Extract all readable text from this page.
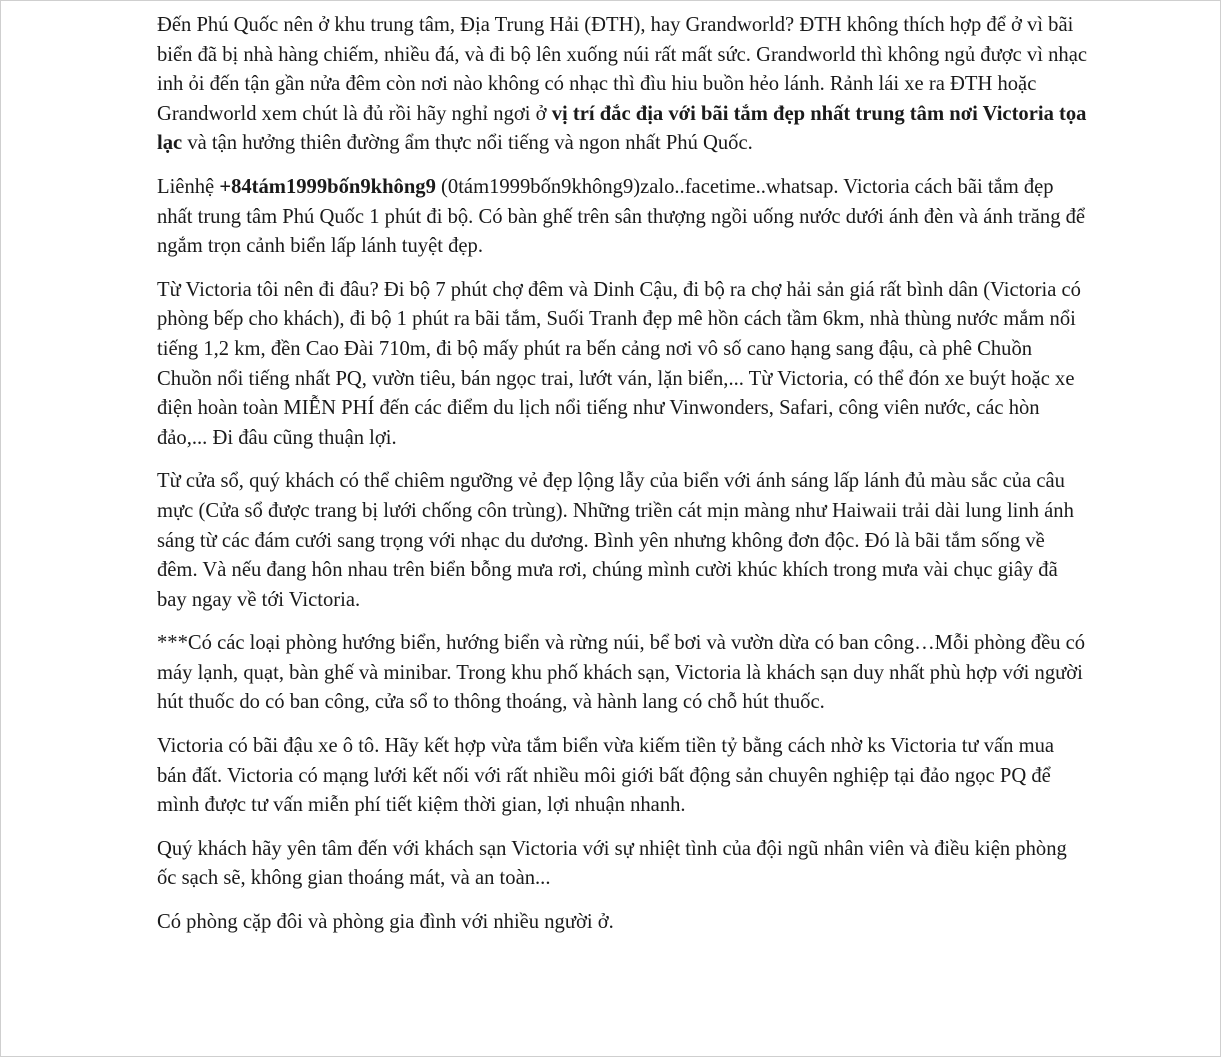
Đến Phú Quốc nên ở khu trung tâm, Địa Trung Hải (ĐTH), hay Grandworld? ĐTH không thích hợp để ở vì bãi biển đã bị nhà hàng chiếm, nhiều đá, và đi bộ lên xuống núi rất mất sức. Grandworld thì không ngủ được vì nhạc inh ỏi đến tận gần nửa đêm còn nơi nào không có nhạc thì đìu hiu buồn hẻo lánh. Rảnh lái xe ra ĐTH hoặc Grandworld xem chút là đủ rồi hãy nghỉ ngơi ở vị trí đắc địa với bãi tắm đẹp nhất trung tâm nơi Victoria tọa lạc và tận hưởng thiên đường ẩm thực nổi tiếng và ngon nhất Phú Quốc.

Liênhệ +84tám1999bốn9không9 (0tám1999bốn9không9)zalo..facetime..whatsap. Victoria cách bãi tắm đẹp nhất trung tâm Phú Quốc 1 phút đi bộ. Có bàn ghế trên sân thượng ngồi uống nước dưới ánh đèn và ánh trăng để ngắm trọn cảnh biển lấp lánh tuyệt đẹp.

Từ Victoria tôi nên đi đâu? Đi bộ 7 phút chợ đêm và Dinh Cậu, đi bộ ra chợ hải sản giá rất bình dân (Victoria có phòng bếp cho khách), đi bộ 1 phút ra bãi tắm, Suối Tranh đẹp mê hồn cách tầm 6km, nhà thùng nước mắm nổi tiếng 1,2 km, đền Cao Đài 710m, đi bộ mấy phút ra bến cảng nơi vô số cano hạng sang đậu, cà phê Chuồn Chuồn nổi tiếng nhất PQ, vườn tiêu, bán ngọc trai, lướt ván, lặn biển,... Từ Victoria, có thể đón xe buýt hoặc xe điện hoàn toàn MIỄN PHÍ đến các điểm du lịch nổi tiếng như Vinwonders, Safari, công viên nước, các hòn đảo,... Đi đâu cũng thuận lợi.

Từ cửa sổ, quý khách có thể chiêm ngưỡng vẻ đẹp lộng lẫy của biển với ánh sáng lấp lánh đủ màu sắc của câu mực (Cửa sổ được trang bị lưới chống côn trùng). Những triền cát mịn màng như Haiwaii trải dài lung linh ánh sáng từ các đám cưới sang trọng với nhạc du dương. Bình yên nhưng không đơn độc. Đó là bãi tắm sống về đêm. Và nếu đang hôn nhau trên biển bỗng mưa rơi, chúng mình cười khúc khích trong mưa vài chục giây đã bay ngay về tới Victoria.

***Có các loại phòng hướng biển, hướng biển và rừng núi, bể bơi và vườn dừa có ban công…Mỗi phòng đều có máy lạnh, quạt, bàn ghế và minibar. Trong khu phố khách sạn, Victoria là khách sạn duy nhất phù hợp với người hút thuốc do có ban công, cửa sổ to thông thoáng, và hành lang có chỗ hút thuốc.

Victoria có bãi đậu xe ô tô. Hãy kết hợp vừa tắm biển vừa kiếm tiền tỷ bằng cách nhờ ks Victoria tư vấn mua bán đất. Victoria có mạng lưới kết nối với rất nhiều môi giới bất động sản chuyên nghiệp tại đảo ngọc PQ để mình được tư vấn miễn phí tiết kiệm thời gian, lợi nhuận nhanh.

Quý khách hãy yên tâm đến với khách sạn Victoria với sự nhiệt tình của đội ngũ nhân viên và điều kiện phòng ốc sạch sẽ, không gian thoáng mát, và an toàn...

Có phòng cặp đôi và phòng gia đình với nhiều người ở.
